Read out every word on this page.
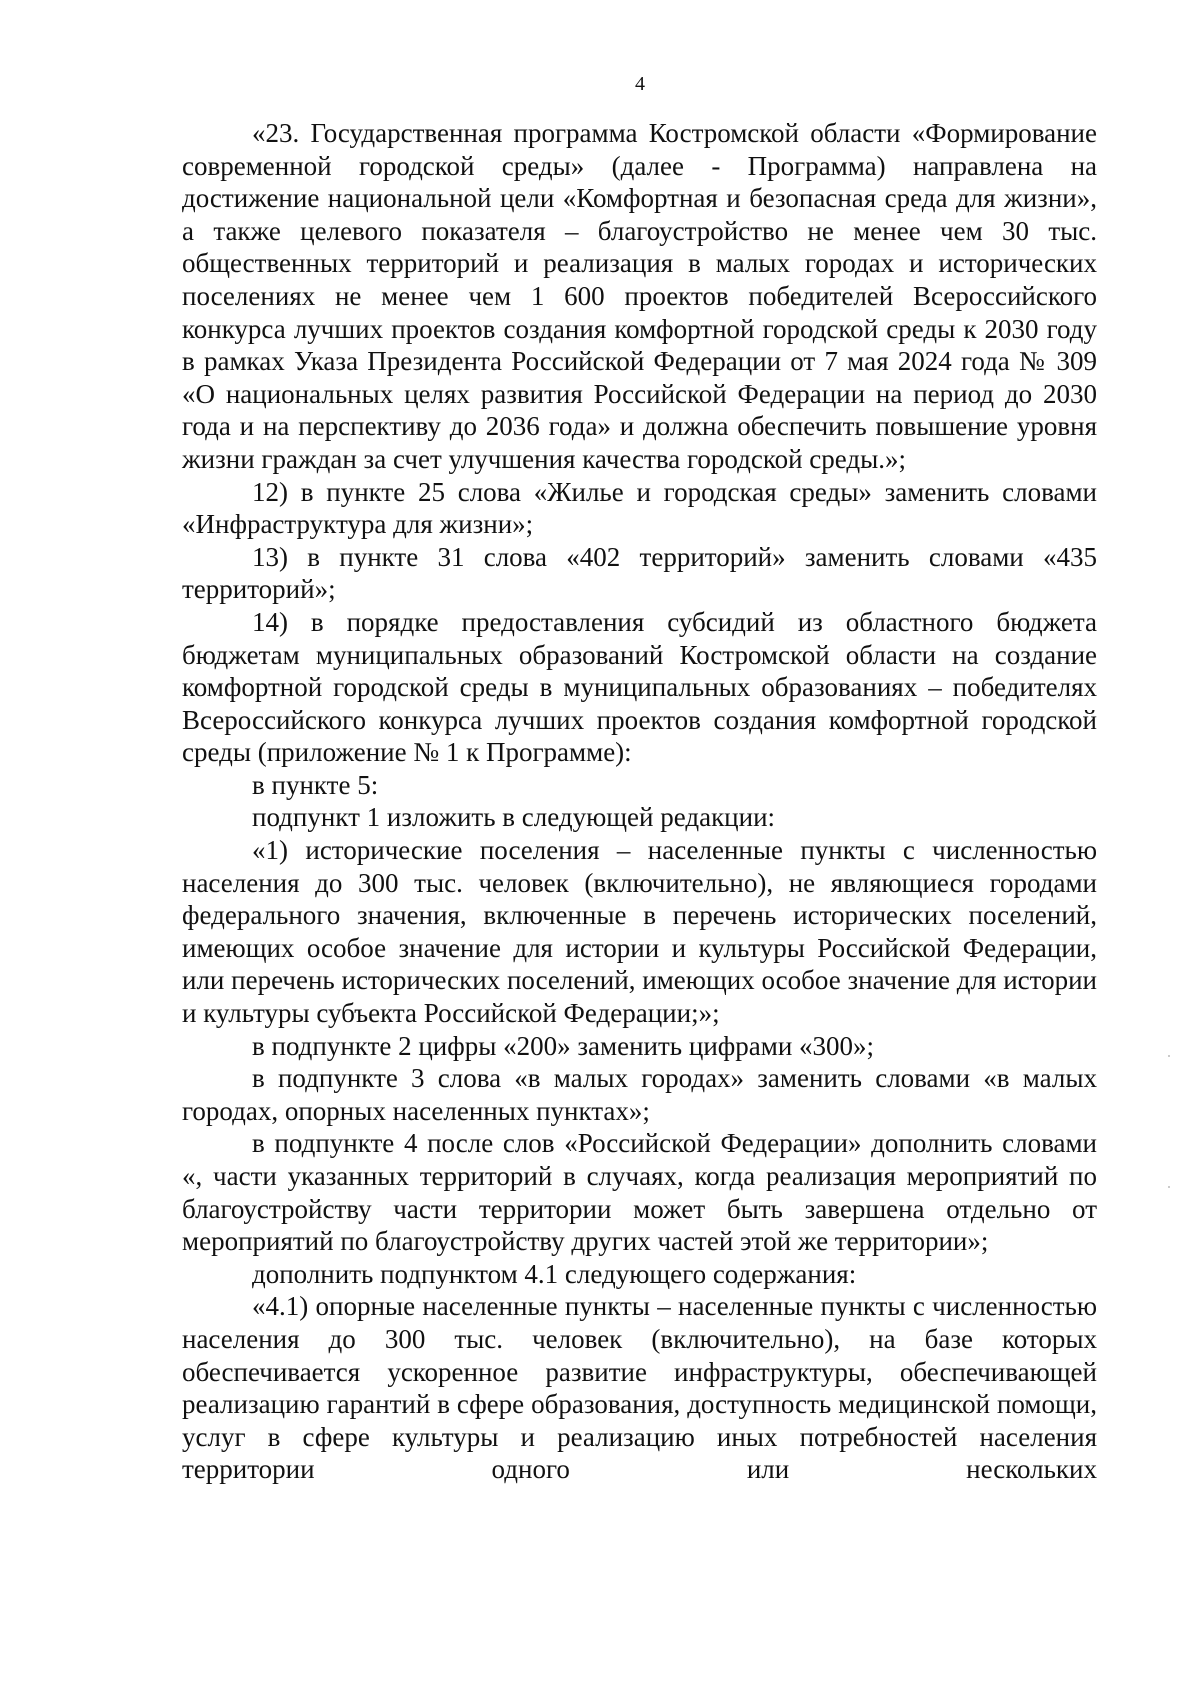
4

«23. Государственная программа Костромской области «Формирование современной городской среды» (далее - Программа) направлена на достижение национальной цели «Комфортная и безопасная среда для жизни», а также целевого показателя – благоустройство не менее чем 30 тыс. общественных территорий и реализация в малых городах и исторических поселениях не менее чем 1 600 проектов победителей Всероссийского конкурса лучших проектов создания комфортной городской среды к 2030 году в рамках Указа Президента Российской Федерации от 7 мая 2024 года № 309 «О национальных целях развития Российской Федерации на период до 2030 года и на перспективу до 2036 года» и должна обеспечить повышение уровня жизни граждан за счет улучшения качества городской среды.»;

12) в пункте 25 слова «Жилье и городская среды» заменить словами «Инфраструктура для жизни»;

13) в пункте 31 слова «402 территорий» заменить словами «435 территорий»;

14) в порядке предоставления субсидий из областного бюджета бюджетам муниципальных образований Костромской области на создание комфортной городской среды в муниципальных образованиях – победителях Всероссийского конкурса лучших проектов создания комфортной городской среды (приложение № 1 к Программе):

в пункте 5:

подпункт 1 изложить в следующей редакции:

«1) исторические поселения – населенные пункты с численностью населения до 300 тыс. человек (включительно), не являющиеся городами федерального значения, включенные в перечень исторических поселений, имеющих особое значение для истории и культуры Российской Федерации, или перечень исторических поселений, имеющих особое значение для истории и культуры субъекта Российской Федерации;»;

в подпункте 2 цифры «200» заменить цифрами «300»;

в подпункте 3 слова «в малых городах» заменить словами «в малых городах, опорных населенных пунктах»;

в подпункте 4 после слов «Российской Федерации» дополнить словами «, части указанных территорий в случаях, когда реализация мероприятий по благоустройству части территории может быть завершена отдельно от мероприятий по благоустройству других частей этой же территории»;

дополнить подпунктом 4.1 следующего содержания:

«4.1) опорные населенные пункты – населенные пункты с численностью населения до 300 тыс. человек (включительно), на базе которых обеспечивается ускоренное развитие инфраструктуры, обеспечивающей реализацию гарантий в сфере образования, доступность медицинской помощи, услуг в сфере культуры и реализацию иных потребностей населения территории одного или нескольких
